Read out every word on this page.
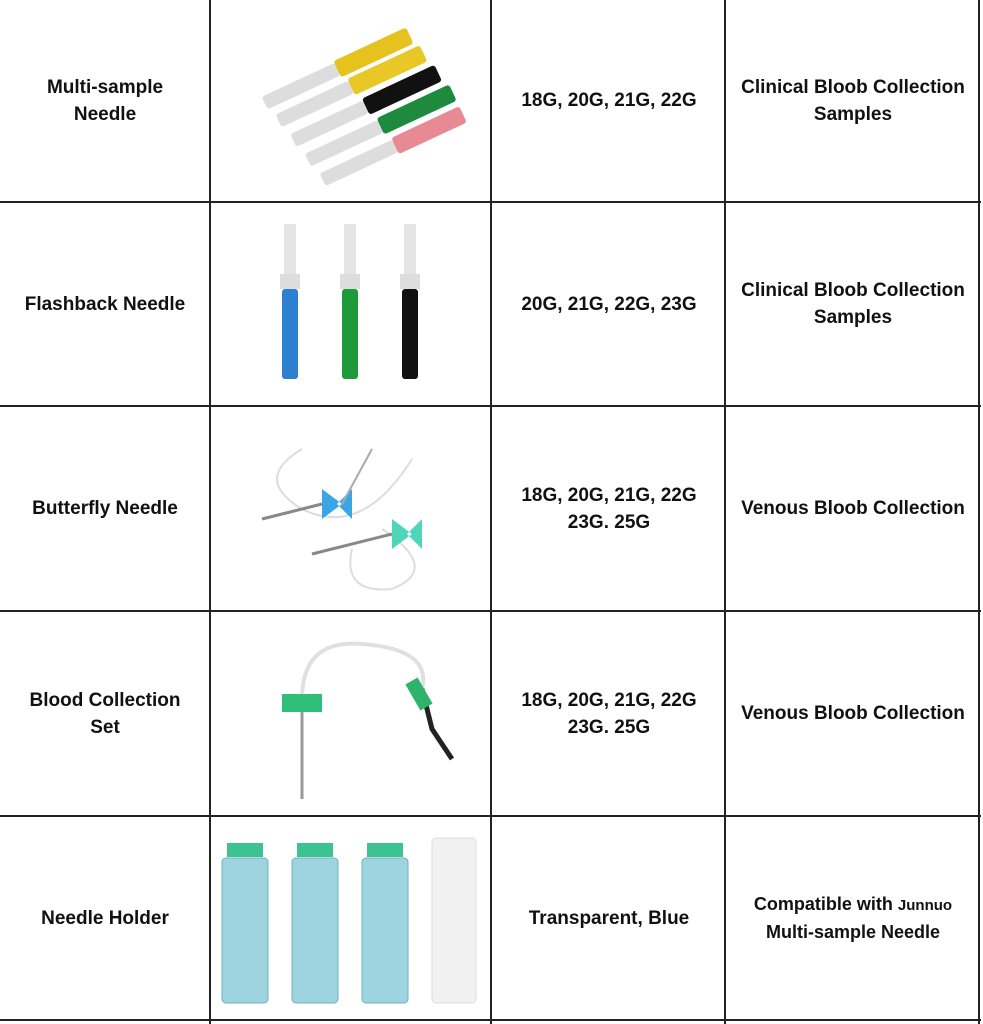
Multi-sample
Needle
18G, 20G, 21G, 22G
Clinical Bloob Collection
Samples
Flashback Needle	20G, 21G, 22G, 23G
Clinical Bloob Collection
Samples
Butterfly Needle
18G, 20G, 21G, 22G
23G. 25G
Venous Bloob Collection
Blood Collection
Set
18G, 20G, 21G, 22G
23G. 25G
Venous Bloob Collection
Needle Holder	Transparent, Blue
Compatible with Junnuo
Multi-sample Needle
